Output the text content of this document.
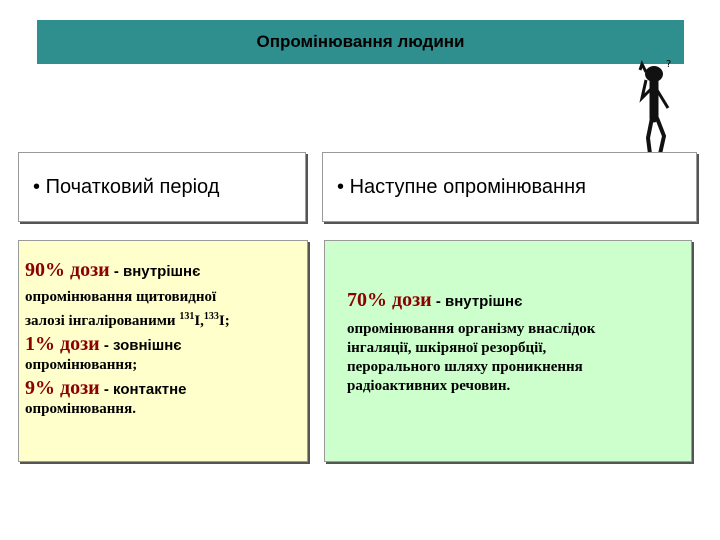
Опромінювання людини
?
• Початковий період	• Наступне опромінювання
90% дози - внутрішнє
опромінювання щитовидної
залозі інгалірованими $^{131}$I,$^{133}$I;
1% дози - зовнішнє
опромінювання;
9% дози - контактне
опромінювання.
70% дози - внутрішнє
опромінювання організму внаслідок
інгаляції, шкіряної резорбції,
перорального шляху проникнення
радіоактивних речовин.
